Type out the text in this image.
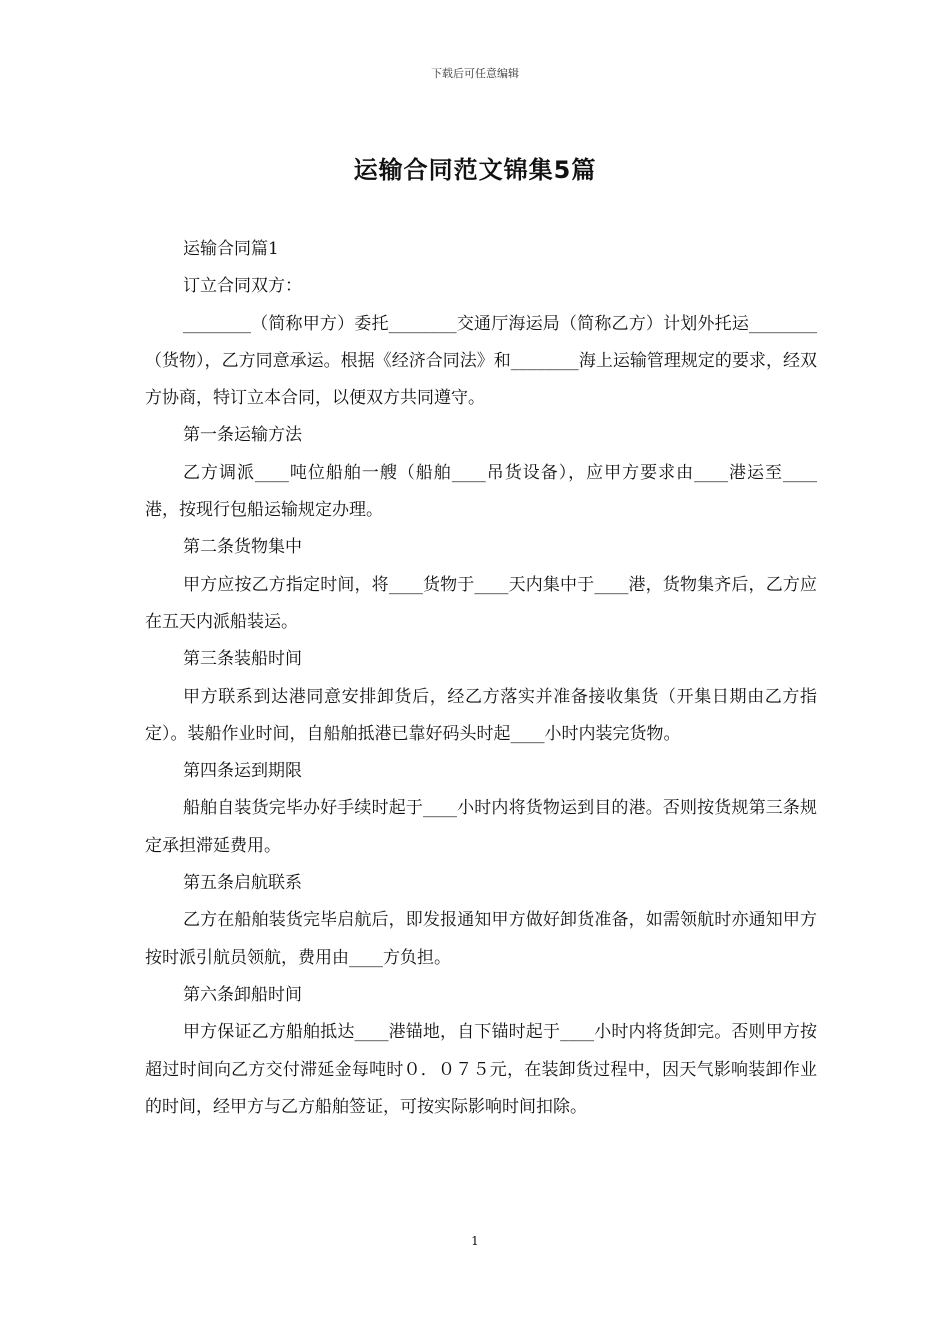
下载后可任意编辑
运输合同范文锦集5篇

运输合同篇1

订立合同双方：

________（简称甲方）委托________交通厅海运局（简称乙方）计划外托运________（货物），乙方同意承运。根据《经济合同法》和________海上运输管理规定的要求，经双方协商，特订立本合同，以便双方共同遵守。

第一条运输方法

乙方调派____吨位船舶一艘（船舶____吊货设备），应甲方要求由____港运至____港，按现行包船运输规定办理。

第二条货物集中

甲方应按乙方指定时间，将____货物于____天内集中于____港，货物集齐后，乙方应在五天内派船装运。

第三条装船时间

甲方联系到达港同意安排卸货后，经乙方落实并准备接收集货（开集日期由乙方指定）。装船作业时间，自船舶抵港已靠好码头时起____小时内装完货物。

第四条运到期限

船舶自装货完毕办好手续时起于____小时内将货物运到目的港。否则按货规第三条规定承担滞延费用。

第五条启航联系

乙方在船舶装货完毕启航后，即发报通知甲方做好卸货准备，如需领航时亦通知甲方按时派引航员领航，费用由____方负担。

第六条卸船时间

甲方保证乙方船舶抵达____港锚地，自下锚时起于____小时内将货卸完。否则甲方按超过时间向乙方交付滞延金每吨时０．０７５元，在装卸货过程中，因天气影响装卸作业的时间，经甲方与乙方船舶签证，可按实际影响时间扣除。

1
